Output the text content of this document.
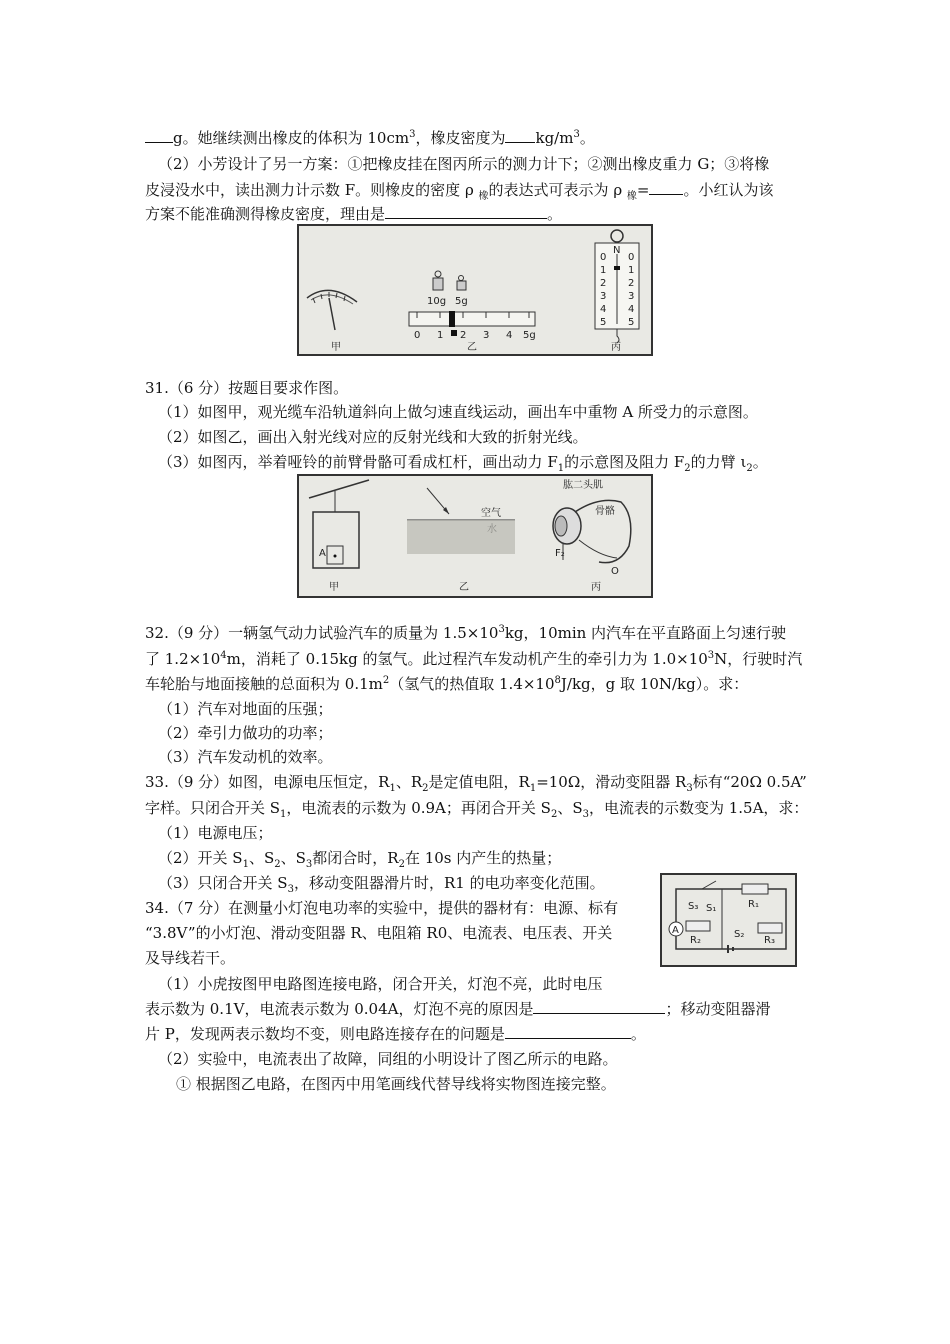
g。她继续测出橡皮的体积为 $10cm^3$，橡皮密度为 $kg/m^3$。
（2）小芳设计了另一方案：①把橡皮挂在图丙所示的测力计下；②测出橡皮重力 G；③将橡
皮浸没水中，读出测力计示数 F。则橡皮的密度 ρ $_橡$的表达式可表示为 ρ $_橡$= 。小红认为该
方案不能准确测得橡皮密度，理由是	。
甲
10g 5g
0 1 2 3 4 5g
乙
N
0
1
2
3
4
5
0
1
2
3
4
5
丙
31.（6 分）按题目要求作图。
（1）如图甲，观光缆车沿轨道斜向上做匀速直线运动，画出车中重物 A 所受力的示意图。
（2）如图乙，画出入射光线对应的反射光线和大致的折射光线。
（3）如图丙，举着哑铃的前臂骨骼可看成杠杆，画出动力 $F_1$的示意图及阻力 $F_2$的力臂 $\iota_2$。
A
甲
空气
乙
肱二头肌
骨骼
F₂
O
丙
32.（9 分）一辆氢气动力试验汽车的质量为 $1.5\times 10^3kg$，10min 内汽车在平直路面上匀速行驶
了 $1.2\times 10^4m$，消耗了 0.15kg 的氢气。此过程汽车发动机产生的牵引力为 $1.0\times 10^3N$，行驶时汽
车轮胎与地面接触的总面积为 $0.1m^2$（氢气的热值取 $1.4\times 10^8J/kg$，g 取 10N/kg）。求：
（1）汽车对地面的压强；
（2）牵引力做功的功率；
（3）汽车发动机的效率。
33.（9 分）如图，电源电压恒定，$R_1$、$R_2$是定值电阻，$R_1=10\Omega$，滑动变阻器 $R_3$标有“20Ω 0.5A”
字样。只闭合开关 $S_1$，电流表的示数为 0.9A；再闭合开关 $S_2$、$S_3$，电流表的示数变为 1.5A，求：
（1）电源电压；
（2）开关 $S_1$、$S_2$、$S_3$都闭合时，$R_2$在 10s 内产生的热量；
（3）只闭合开关 $S_3$，移动变阻器滑片时，R1 的电功率变化范围。
R₁
S₃ S₁
A
R₂
S₂
R₃
34.（7 分）在测量小灯泡电功率的实验中，提供的器材有：电源、标有
“3.8V”的小灯泡、滑动变阻器 R、电阻箱 R0、电流表、电压表、开关
及导线若干。
（1）小虎按图甲电路图连接电路，闭合开关，灯泡不亮，此时电压
表示数为 0.1V，电流表示数为 0.04A，灯泡不亮的原因是	；移动变阻器滑
片 P，发现两表示数均不变，则电路连接存在的问题是	。
（2）实验中，电流表出了故障，同组的小明设计了图乙所示的电路。
① 根据图乙电路，在图丙中用笔画线代替导线将实物图连接完整。
